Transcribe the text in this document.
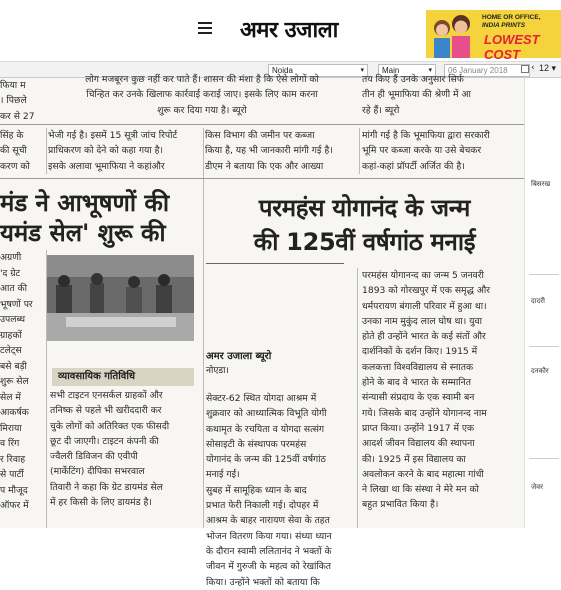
अमर उजाला	HOME OR OFFICE,
INDIA PRINTS
LOWEST COST
Noida	▾	Main	▾	06 January 2018	‹ 12 ▾

फिया म

। पिछले

कर से 27

लोग मजबूरन कुछ नहीं कर पाते हैं। शासन की मंशा है कि ऐसे लोगों को

चिन्हित कर उनके खिलाफ कार्रवाई कराई जाए। इसके लिए काम करना

शुरू कर दिया गया है। ब्यूरो

तय किए हैं उनके अनुसार सिर्फ

तीन ही भूमाफिया की श्रेणी में आ

रहे हैं। ब्यूरो

सिंह के

की सूची

करण को

भेजी गई है। इसमें 15 सूत्री जांच रिपोर्ट

प्राधिकरण को देने को कहा गया है।

इसके अलावा भूमाफिया ने कहांऔर

किस विभाग की जमीन पर कब्जा

किया है, यह भी जानकारी मांगी गई है।

डीएम ने बताया कि एक और आख्या

मांगी गई है कि भूमाफिया द्वारा सरकारी

भूमि पर कब्जा करके या उसे बेचकर

कहां-कहां प्रॉपर्टी अर्जित की है।

मंड ने आभूषणों की
यमंड सेल' शुरू की

अग्रणी

'द ग्रेट

आत की

भूषणों पर

उपलब्ध

ग्राहकों

टलेट्स

बसे बड़ी

शुरू सेल

सेल में

आकर्षक

मिराया

व रिंग

र रिवाह

से पार्टी

प मौजूद

ऑफर में

व्यावसायिक गतिविधि

सभी टाइटन एनसर्कल ग्राहकों और

तनिष्क से पहले भी खरीददारी कर

चुके लोगों को अतिरिक्त एक फीसदी

छूट दी जाएगी। टाइटन कंपनी की

ज्वैलरी डिविजन की एवीपी

(मार्केटिंग) दीपिका सभरवाल

तिवारी ने कहा कि ग्रेट डायमंड सेल

में हर किसी के लिए डायमंड है।

परमहंस योगानंद के जन्म
की 125वीं वर्षगांठ मनाई
अमर उजाला ब्यूरो
नोएडा।

सेक्टर-62 स्थित योगदा आश्रम में

शुक्रवार को आध्यात्मिक विभूति योगी

कथामृत के रचयिता व योगदा सत्संग

सोसाइटी के संस्थापक परमहंस

योगानंद के जन्म की 125वीं वर्षगांठ

मनाई गई।

सुबह में सामूहिक ध्यान के बाद

प्रभात फेरी निकाली गई। दोपहर में

आश्रम के बाहर नारायण सेवा के तहत

भोजन वितरण किया गया। संध्या ध्यान

के दौरान स्वामी ललितानंद ने भक्तों के

जीवन में गुरुजी के महत्व को रेखांकित

किया। उन्होंने भक्तों को बताया कि

परमहंस योगानन्द का जन्म 5 जनवरी

1893 को गोरखपुर में एक समृद्ध और

धर्मपरायण बंगाली परिवार में हुआ था।

उनका नाम मुकुंद लाल घोष था। युवा

होते ही उन्होंने भारत के कई संतों और

दार्शनिकों के दर्शन किए। 1915 में

कलकत्ता विश्वविद्यालय से स्नातक

होने के बाद वे भारत के सम्मानित

संन्यासी संप्रदाय के एक स्वामी बन

गये। जिसके बाद उन्होंने योगानन्द नाम

प्राप्त किया। उन्होंने 1917 में एक

आदर्श जीवन विद्यालय की स्थापना

की। 1925 में इस विद्यालय का

अवलोकन करने के बाद महात्मा गांधी

ने लिखा था कि संस्था ने मेरे मन को

बहुत प्रभावित किया है।

बिसरख
दादरी
दनकौर
जेवर
